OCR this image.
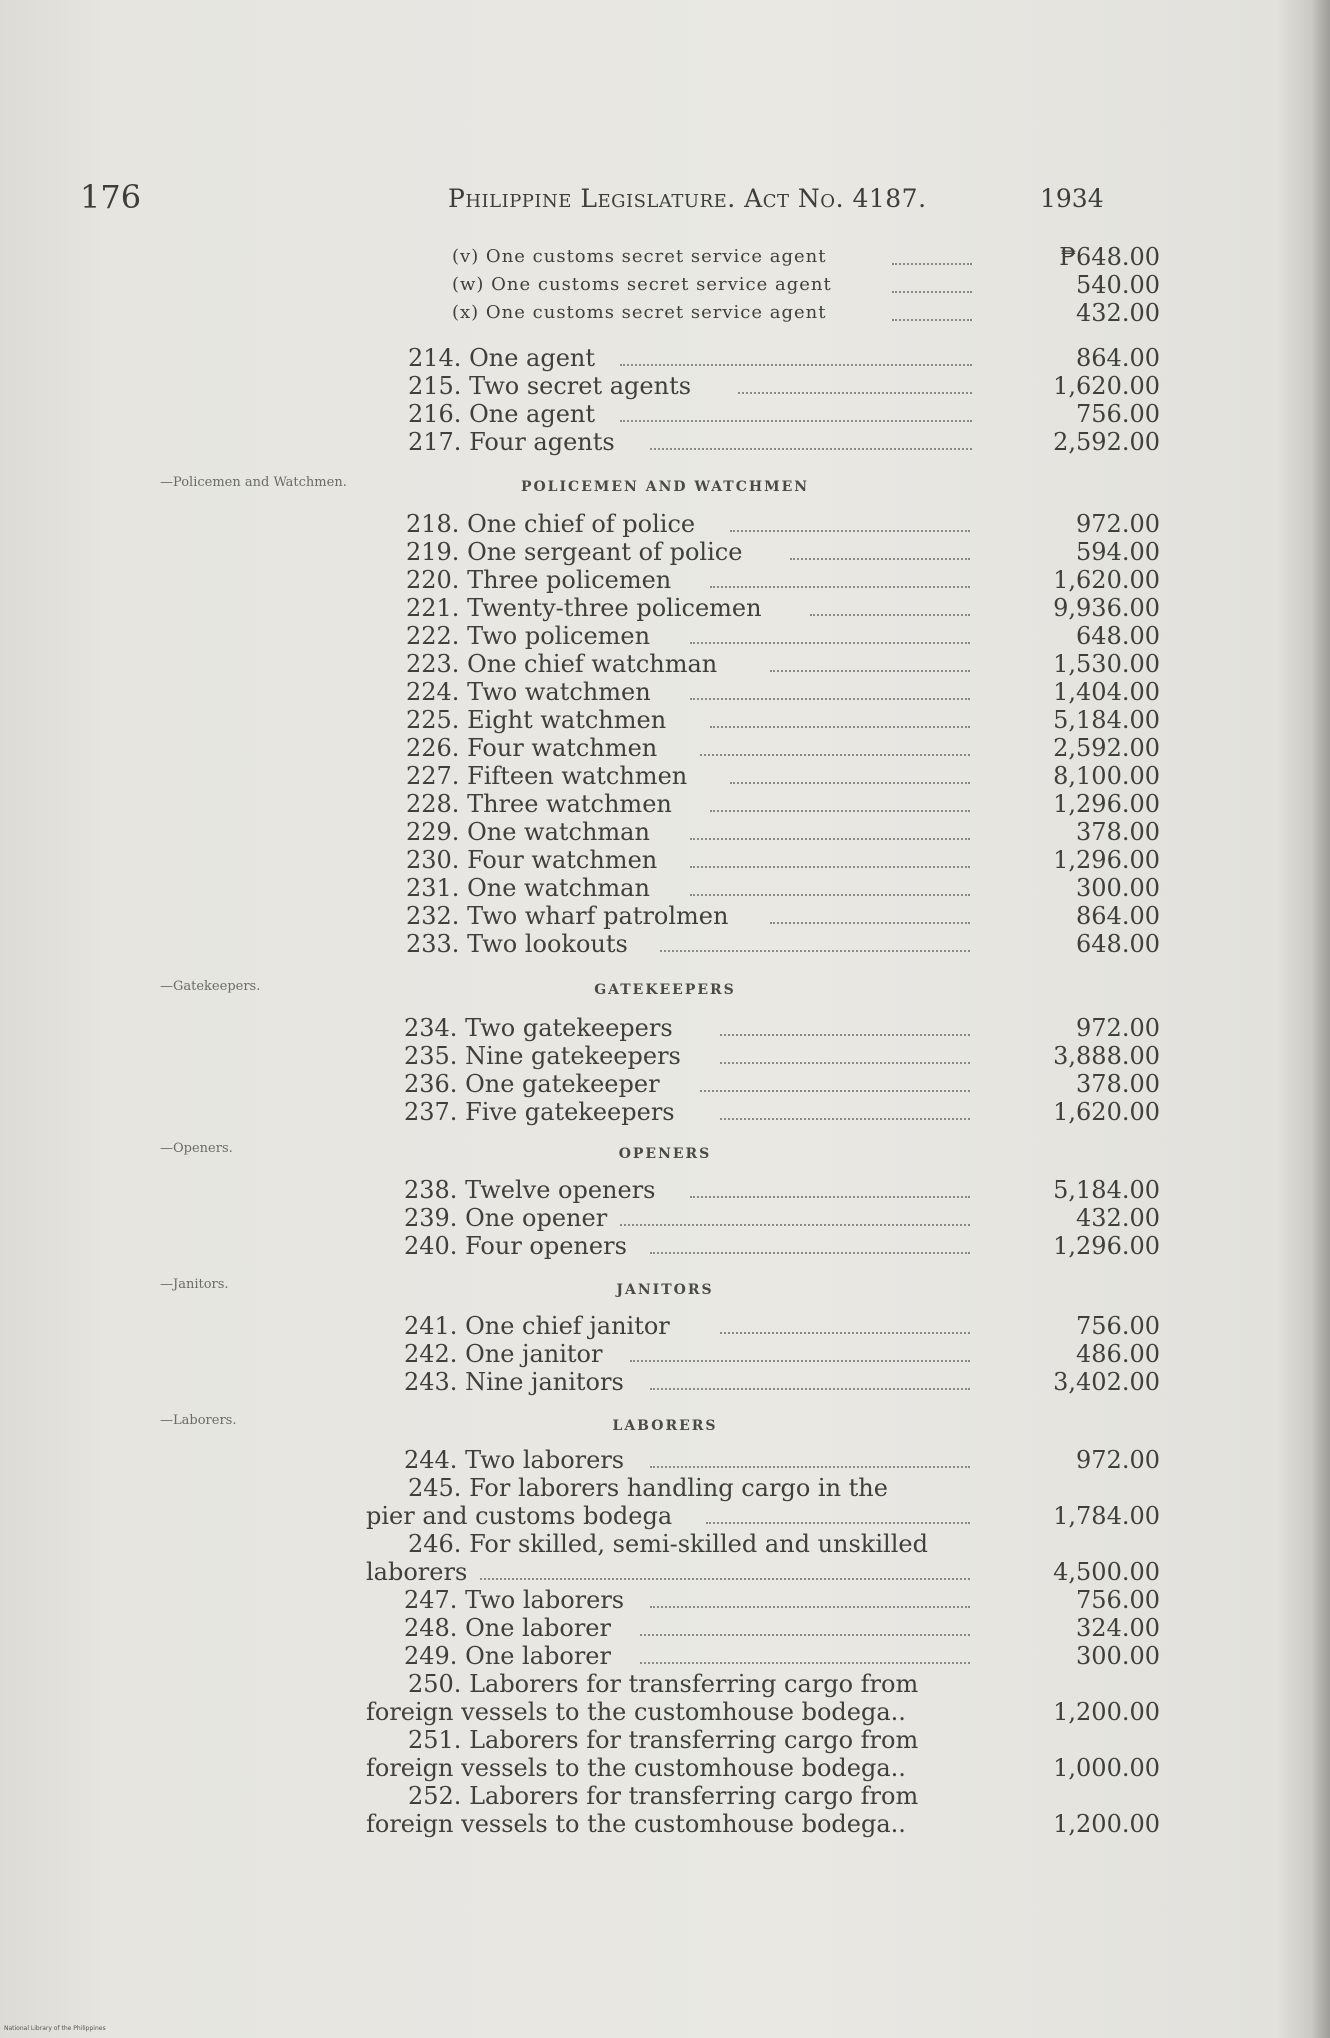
176	Philippine Legislature. Act No. 4187.	1934
—Policemen and Watchmen.
—Gatekeepers.
—Openers.
—Janitors.
—Laborers.
(v) One customs secret service agent	₱648.00
(w) One customs secret service agent	540.00
(x) One customs secret service agent	432.00
214. One agent	864.00
215. Two secret agents	1,620.00
216. One agent	756.00
217. Four agents	2,592.00
POLICEMEN AND WATCHMEN
218. One chief of police	972.00
219. One sergeant of police	594.00
220. Three policemen	1,620.00
221. Twenty-three policemen	9,936.00
222. Two policemen	648.00
223. One chief watchman	1,530.00
224. Two watchmen	1,404.00
225. Eight watchmen	5,184.00
226. Four watchmen	2,592.00
227. Fifteen watchmen	8,100.00
228. Three watchmen	1,296.00
229. One watchman	378.00
230. Four watchmen	1,296.00
231. One watchman	300.00
232. Two wharf patrolmen	864.00
233. Two lookouts	648.00
GATEKEEPERS
234. Two gatekeepers	972.00
235. Nine gatekeepers	3,888.00
236. One gatekeeper	378.00
237. Five gatekeepers	1,620.00
OPENERS
238. Twelve openers	5,184.00
239. One opener	432.00
240. Four openers	1,296.00
JANITORS
241. One chief janitor	756.00
242. One janitor	486.00
243. Nine janitors	3,402.00
LABORERS
244. Two laborers	972.00
245. For laborers handling cargo in the
pier and customs bodega	1,784.00
246. For skilled, semi-skilled and unskilled
laborers	4,500.00
247. Two laborers	756.00
248. One laborer	324.00
249. One laborer	300.00
250. Laborers for transferring cargo from
foreign vessels to the customhouse bodega..	1,200.00
251. Laborers for transferring cargo from
foreign vessels to the customhouse bodega..	1,000.00
252. Laborers for transferring cargo from
foreign vessels to the customhouse bodega..	1,200.00
National Library of the Philippines
